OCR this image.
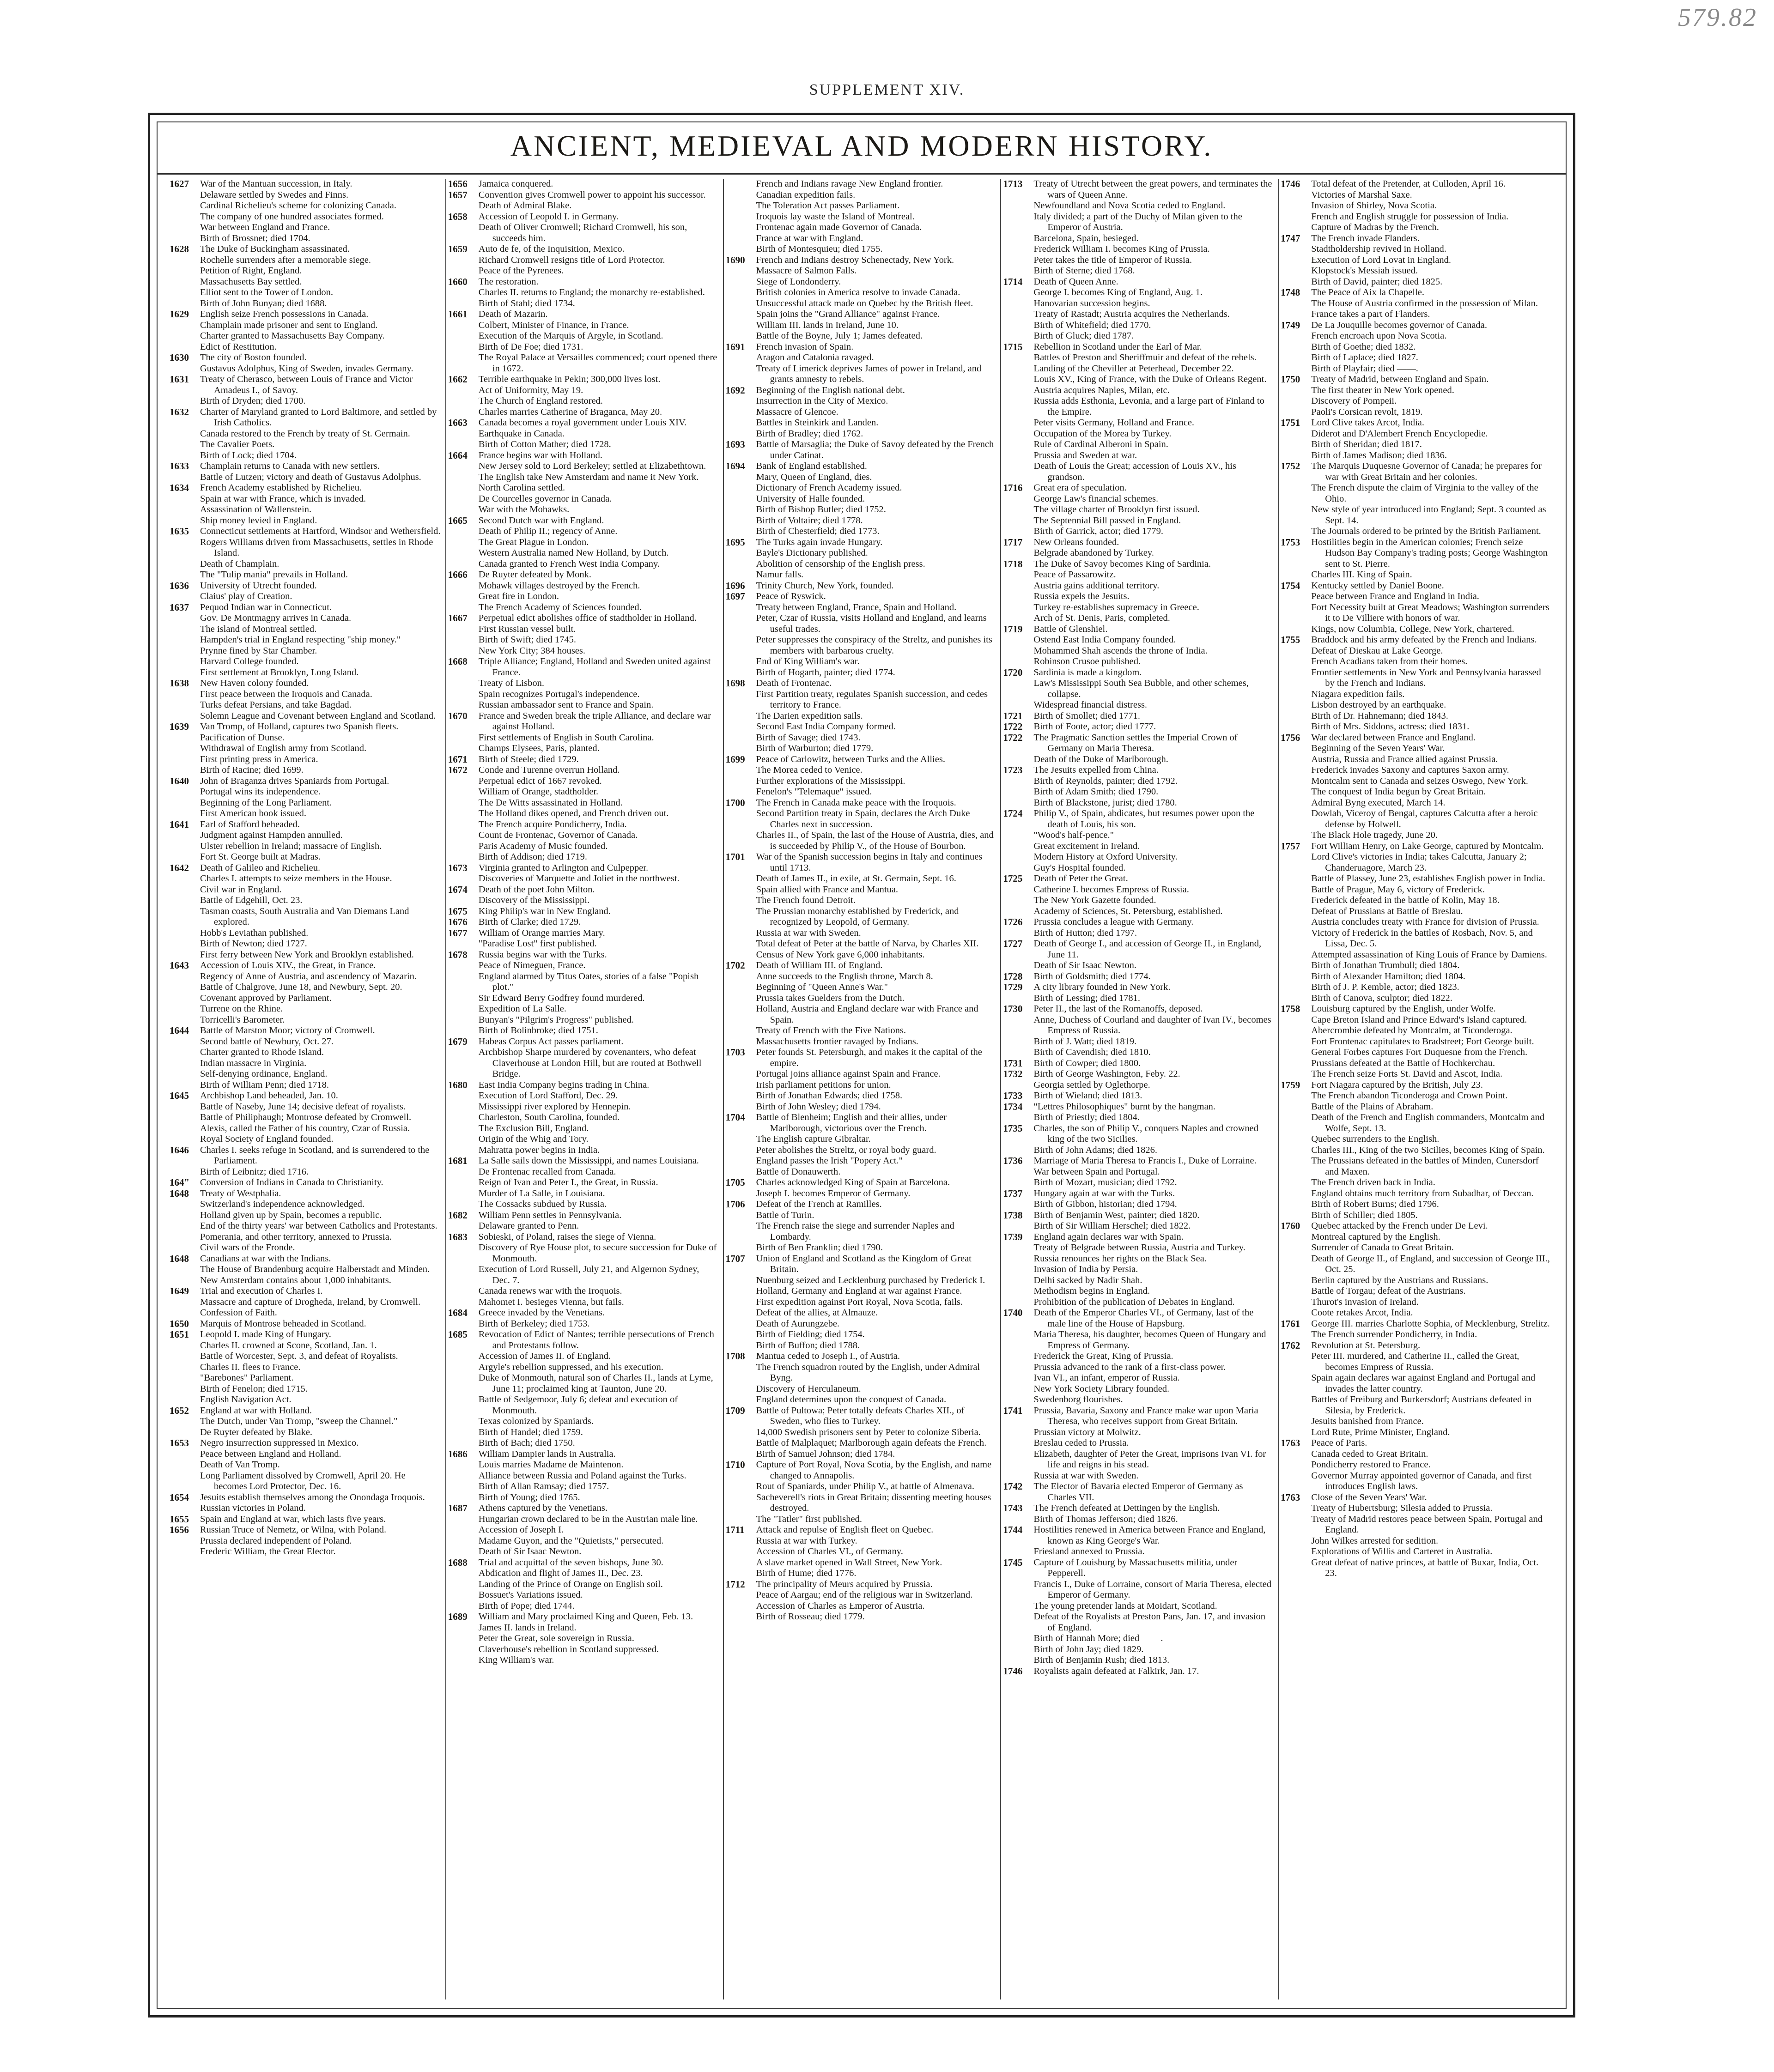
579.82
SUPPLEMENT XIV.
ANCIENT, MEDIEVAL AND MODERN HISTORY.
1627	War of the Mantuan succession, in Italy.

Delaware settled by Swedes and Finns.

Cardinal Richelieu's scheme for colonizing Canada.

The company of one hundred associates formed.

War between England and France.

Birth of Brossnet; died 1704.

1628	The Duke of Buckingham assassinated.

Rochelle surrenders after a memorable siege.

Petition of Right, England.

Massachusetts Bay settled.

Elliot sent to the Tower of London.

Birth of John Bunyan; died 1688.

1629	English seize French possessions in Canada.

Champlain made prisoner and sent to England.

Charter granted to Massachusetts Bay Company.

Edict of Restitution.

1630	The city of Boston founded.

Gustavus Adolphus, King of Sweden, invades Germany.

1631	Treaty of Cherasco, between Louis of France and Victor Amadeus I., of Savoy.

Birth of Dryden; died 1700.

1632	Charter of Maryland granted to Lord Baltimore, and settled by Irish Catholics.

Canada restored to the French by treaty of St. Germain.

The Cavalier Poets.

Birth of Lock; died 1704.

1633	Champlain returns to Canada with new settlers.

Battle of Lutzen; victory and death of Gustavus Adolphus.

1634	French Academy established by Richelieu.

Spain at war with France, which is invaded.

Assassination of Wallenstein.

Ship money levied in England.

1635	Connecticut settlements at Hartford, Windsor and Wethersfield.

Rogers Williams driven from Massachusetts, settles in Rhode Island.

Death of Champlain.

The "Tulip mania" prevails in Holland.

1636	University of Utrecht founded.

Claius' play of Creation.

1637	Pequod Indian war in Connecticut.

Gov. De Montmagny arrives in Canada.

The island of Montreal settled.

Hampden's trial in England respecting "ship money."

Prynne fined by Star Chamber.

Harvard College founded.

First settlement at Brooklyn, Long Island.

1638	New Haven colony founded.

First peace between the Iroquois and Canada.

Turks defeat Persians, and take Bagdad.

Solemn League and Covenant between England and Scotland.

1639	Van Tromp, of Holland, captures two Spanish fleets.

Pacification of Dunse.

Withdrawal of English army from Scotland.

First printing press in America.

Birth of Racine; died 1699.

1640	John of Braganza drives Spaniards from Portugal.

Portugal wins its independence.

Beginning of the Long Parliament.

First American book issued.

1641	Earl of Stafford beheaded.

Judgment against Hampden annulled.

Ulster rebellion in Ireland; massacre of English.

Fort St. George built at Madras.

1642	Death of Galileo and Richelieu.

Charles I. attempts to seize members in the House.

Civil war in England.

Battle of Edgehill, Oct. 23.

Tasman coasts, South Australia and Van Diemans Land explored.

Hobb's Leviathan published.

Birth of Newton; died 1727.

First ferry between New York and Brooklyn established.

1643	Accession of Louis XIV., the Great, in France.

Regency of Anne of Austria, and ascendency of Mazarin.

Battle of Chalgrove, June 18, and Newbury, Sept. 20.

Covenant approved by Parliament.

Turrene on the Rhine.

Torricelli's Barometer.

1644	Battle of Marston Moor; victory of Cromwell.

Second battle of Newbury, Oct. 27.

Charter granted to Rhode Island.

Indian massacre in Virginia.

Self-denying ordinance, England.

Birth of William Penn; died 1718.

1645	Archbishop Land beheaded, Jan. 10.

Battle of Naseby, June 14; decisive defeat of royalists.

Battle of Philiphaugh; Montrose defeated by Cromwell.

Alexis, called the Father of his country, Czar of Russia.

Royal Society of England founded.

1646	Charles I. seeks refuge in Scotland, and is surrendered to the Parliament.

Birth of Leibnitz; died 1716.

164"	Conversion of Indians in Canada to Christianity.

1648	Treaty of Westphalia.

Switzerland's independence acknowledged.

Holland given up by Spain, becomes a republic.

End of the thirty years' war between Catholics and Protestants.

Pomerania, and other territory, annexed to Prussia.

Civil wars of the Fronde.

1648	Canadians at war with the Indians.

The House of Brandenburg acquire Halberstadt and Minden.

New Amsterdam contains about 1,000 inhabitants.

1649	Trial and execution of Charles I.

Massacre and capture of Drogheda, Ireland, by Cromwell.

Confession of Faith.

1650	Marquis of Montrose beheaded in Scotland.

1651	Leopold I. made King of Hungary.

Charles II. crowned at Scone, Scotland, Jan. 1.

Battle of Worcester, Sept. 3, and defeat of Royalists.

Charles II. flees to France.

"Barebones" Parliament.

Birth of Fenelon; died 1715.

English Navigation Act.

1652	England at war with Holland.

The Dutch, under Van Tromp, "sweep the Channel."

De Ruyter defeated by Blake.

1653	Negro insurrection suppressed in Mexico.

Peace between England and Holland.

Death of Van Tromp.

Long Parliament dissolved by Cromwell, April 20. He becomes Lord Protector, Dec. 16.

1654	Jesuits establish themselves among the Onondaga Iroquois.

Russian victories in Poland.

1655	Spain and England at war, which lasts five years.

1656	Russian Truce of Nemetz, or Wilna, with Poland.

Prussia declared independent of Poland.

Frederic William, the Great Elector.

1656	Jamaica conquered.

1657	Convention gives Cromwell power to appoint his successor.

Death of Admiral Blake.

1658	Accession of Leopold I. in Germany.

Death of Oliver Cromwell; Richard Cromwell, his son, succeeds him.

1659	Auto de fe, of the Inquisition, Mexico.

Richard Cromwell resigns title of Lord Protector.

Peace of the Pyrenees.

1660	The restoration.

Charles II. returns to England; the monarchy re-established.

Birth of Stahl; died 1734.

1661	Death of Mazarin.

Colbert, Minister of Finance, in France.

Execution of the Marquis of Argyle, in Scotland.

Birth of De Foe; died 1731.

The Royal Palace at Versailles commenced; court opened there in 1672.

1662	Terrible earthquake in Pekin; 300,000 lives lost.

Act of Uniformity, May 19.

The Church of England restored.

Charles marries Catherine of Braganca, May 20.

1663	Canada becomes a royal government under Louis XIV.

Earthquake in Canada.

Birth of Cotton Mather; died 1728.

1664	France begins war with Holland.

New Jersey sold to Lord Berkeley; settled at Elizabethtown.

The English take New Amsterdam and name it New York.

North Carolina settled.

De Courcelles governor in Canada.

War with the Mohawks.

1665	Second Dutch war with England.

Death of Philip II.; regency of Anne.

The Great Plague in London.

Western Australia named New Holland, by Dutch.

Canada granted to French West India Company.

1666	De Ruyter defeated by Monk.

Mohawk villages destroyed by the French.

Great fire in London.

The French Academy of Sciences founded.

1667	Perpetual edict abolishes office of stadtholder in Holland.

First Russian vessel built.

Birth of Swift; died 1745.

New York City; 384 houses.

1668	Triple Alliance; England, Holland and Sweden united against France.

Treaty of Lisbon.

Spain recognizes Portugal's independence.

Russian ambassador sent to France and Spain.

1670	France and Sweden break the triple Alliance, and declare war against Holland.

First settlements of English in South Carolina.

Champs Elysees, Paris, planted.

1671	Birth of Steele; died 1729.

1672	Conde and Turenne overrun Holland.

Perpetual edict of 1667 revoked.

William of Orange, stadtholder.

The De Witts assassinated in Holland.

The Holland dikes opened, and French driven out.

The French acquire Pondicherry, India.

Count de Frontenac, Governor of Canada.

Paris Academy of Music founded.

Birth of Addison; died 1719.

1673	Virginia granted to Arlington and Culpepper.

Discoveries of Marquette and Joliet in the northwest.

1674	Death of the poet John Milton.

Discovery of the Mississippi.

1675	King Philip's war in New England.

1676	Birth of Clarke; died 1729.

1677	William of Orange marries Mary.

"Paradise Lost" first published.

1678	Russia begins war with the Turks.

Peace of Nimeguen, France.

England alarmed by Titus Oates, stories of a false "Popish plot."

Sir Edward Berry Godfrey found murdered.

Expedition of La Salle.

Bunyan's "Pilgrim's Progress" published.

Birth of Bolinbroke; died 1751.

1679	Habeas Corpus Act passes parliament.

Archbishop Sharpe murdered by covenanters, who defeat Claverhouse at London Hill, but are routed at Bothwell Bridge.

1680	East India Company begins trading in China.

Execution of Lord Stafford, Dec. 29.

Mississippi river explored by Hennepin.

Charleston, South Carolina, founded.

The Exclusion Bill, England.

Origin of the Whig and Tory.

Mahratta power begins in India.

1681	La Salle sails down the Mississippi, and names Louisiana.

De Frontenac recalled from Canada.

Reign of Ivan and Peter I., the Great, in Russia.

Murder of La Salle, in Louisiana.

The Cossacks subdued by Russia.

1682	William Penn settles in Pennsylvania.

Delaware granted to Penn.

1683	Sobieski, of Poland, raises the siege of Vienna.

Discovery of Rye House plot, to secure succession for Duke of Monmouth.

Execution of Lord Russell, July 21, and Algernon Sydney, Dec. 7.

Canada renews war with the Iroquois.

Mahomet I. besieges Vienna, but fails.

1684	Greece invaded by the Venetians.

Birth of Berkeley; died 1753.

1685	Revocation of Edict of Nantes; terrible persecutions of French and Protestants follow.

Accession of James II. of England.

Argyle's rebellion suppressed, and his execution.

Duke of Monmouth, natural son of Charles II., lands at Lyme, June 11; proclaimed king at Taunton, June 20.

Battle of Sedgemoor, July 6; defeat and execution of Monmouth.

Texas colonized by Spaniards.

Birth of Handel; died 1759.

Birth of Bach; died 1750.

1686	William Dampier lands in Australia.

Louis marries Madame de Maintenon.

Alliance between Russia and Poland against the Turks.

Birth of Allan Ramsay; died 1757.

Birth of Young; died 1765.

1687	Athens captured by the Venetians.

Hungarian crown declared to be in the Austrian male line.

Accession of Joseph I.

Madame Guyon, and the "Quietists," persecuted.

Death of Sir Isaac Newton.

1688	Trial and acquittal of the seven bishops, June 30.

Abdication and flight of James II., Dec. 23.

Landing of the Prince of Orange on English soil.

Bossuet's Variations issued.

Birth of Pope; died 1744.

1689	William and Mary proclaimed King and Queen, Feb. 13.

James II. lands in Ireland.

Peter the Great, sole sovereign in Russia.

Claverhouse's rebellion in Scotland suppressed.

King William's war.

French and Indians ravage New England frontier.

Canadian expedition fails.

The Toleration Act passes Parliament.

Iroquois lay waste the Island of Montreal.

Frontenac again made Governor of Canada.

France at war with England.

Birth of Montesquieu; died 1755.

1690	French and Indians destroy Schenectady, New York.

Massacre of Salmon Falls.

Siege of Londonderry.

British colonies in America resolve to invade Canada.

Unsuccessful attack made on Quebec by the British fleet.

Spain joins the "Grand Alliance" against France.

William III. lands in Ireland, June 10.

Battle of the Boyne, July 1; James defeated.

1691	French invasion of Spain.

Aragon and Catalonia ravaged.

Treaty of Limerick deprives James of power in Ireland, and grants amnesty to rebels.

1692	Beginning of the English national debt.

Insurrection in the City of Mexico.

Massacre of Glencoe.

Battles in Steinkirk and Landen.

Birth of Bradley; died 1762.

1693	Battle of Marsaglia; the Duke of Savoy defeated by the French under Catinat.

1694	Bank of England established.

Mary, Queen of England, dies.

Dictionary of French Academy issued.

University of Halle founded.

Birth of Bishop Butler; died 1752.

Birth of Voltaire; died 1778.

Birth of Chesterfield; died 1773.

1695	The Turks again invade Hungary.

Bayle's Dictionary published.

Abolition of censorship of the English press.

Namur falls.

1696	Trinity Church, New York, founded.

1697	Peace of Ryswick.

Treaty between England, France, Spain and Holland.

Peter, Czar of Russia, visits Holland and England, and learns useful trades.

Peter suppresses the conspiracy of the Streltz, and punishes its members with barbarous cruelty.

End of King William's war.

Birth of Hogarth, painter; died 1774.

1698	Death of Frontenac.

First Partition treaty, regulates Spanish succession, and cedes territory to France.

The Darien expedition sails.

Second East India Company formed.

Birth of Savage; died 1743.

Birth of Warburton; died 1779.

1699	Peace of Carlowitz, between Turks and the Allies.

The Morea ceded to Venice.

Further explorations of the Mississippi.

Fenelon's "Telemaque" issued.

1700	The French in Canada make peace with the Iroquois.

Second Partition treaty in Spain, declares the Arch Duke Charles next in succession.

Charles II., of Spain, the last of the House of Austria, dies, and is succeeded by Philip V., of the House of Bourbon.

1701	War of the Spanish succession begins in Italy and continues until 1713.

Death of James II., in exile, at St. Germain, Sept. 16.

Spain allied with France and Mantua.

The French found Detroit.

The Prussian monarchy established by Frederick, and recognized by Leopold, of Germany.

Russia at war with Sweden.

Total defeat of Peter at the battle of Narva, by Charles XII.

Census of New York gave 6,000 inhabitants.

1702	Death of William III. of England.

Anne succeeds to the English throne, March 8.

Beginning of "Queen Anne's War."

Prussia takes Guelders from the Dutch.

Holland, Austria and England declare war with France and Spain.

Treaty of French with the Five Nations.

Massachusetts frontier ravaged by Indians.

1703	Peter founds St. Petersburgh, and makes it the capital of the empire.

Portugal joins alliance against Spain and France.

Irish parliament petitions for union.

Birth of Jonathan Edwards; died 1758.

Birth of John Wesley; died 1794.

1704	Battle of Blenheim; English and their allies, under Marlborough, victorious over the French.

The English capture Gibraltar.

Peter abolishes the Streltz, or royal body guard.

England passes the Irish "Popery Act."

Battle of Donauwerth.

1705	Charles acknowledged King of Spain at Barcelona.

Joseph I. becomes Emperor of Germany.

1706	Defeat of the French at Ramilles.

Battle of Turin.

The French raise the siege and surrender Naples and Lombardy.

Birth of Ben Franklin; died 1790.

1707	Union of England and Scotland as the Kingdom of Great Britain.

Nuenburg seized and Lecklenburg purchased by Frederick I.

Holland, Germany and England at war against France.

First expedition against Port Royal, Nova Scotia, fails.

Defeat of the allies, at Almauze.

Death of Aurungzebe.

Birth of Fielding; died 1754.

Birth of Buffon; died 1788.

1708	Mantua ceded to Joseph I., of Austria.

The French squadron routed by the English, under Admiral Byng.

Discovery of Herculaneum.

England determines upon the conquest of Canada.

1709	Battle of Pultowa; Peter totally defeats Charles XII., of Sweden, who flies to Turkey.

14,000 Swedish prisoners sent by Peter to colonize Siberia.

Battle of Malplaquet; Marlborough again defeats the French.

Birth of Samuel Johnson; died 1784.

1710	Capture of Port Royal, Nova Scotia, by the English, and name changed to Annapolis.

Rout of Spaniards, under Philip V., at battle of Almenava.

Sacheverell's riots in Great Britain; dissenting meeting houses destroyed.

The "Tatler" first published.

1711	Attack and repulse of English fleet on Quebec.

Russia at war with Turkey.

Accession of Charles VI., of Germany.

A slave market opened in Wall Street, New York.

Birth of Hume; died 1776.

1712	The principality of Meurs acquired by Prussia.

Peace of Aargau; end of the religious war in Switzerland.

Accession of Charles as Emperor of Austria.

Birth of Rosseau; died 1779.

1713	Treaty of Utrecht between the great powers, and terminates the wars of Queen Anne.

Newfoundland and Nova Scotia ceded to England.

Italy divided; a part of the Duchy of Milan given to the Emperor of Austria.

Barcelona, Spain, besieged.

Frederick William I. becomes King of Prussia.

Peter takes the title of Emperor of Russia.

Birth of Sterne; died 1768.

1714	Death of Queen Anne.

George I. becomes King of England, Aug. 1.

Hanovarian succession begins.

Treaty of Rastadt; Austria acquires the Netherlands.

Birth of Whitefield; died 1770.

Birth of Gluck; died 1787.

1715	Rebellion in Scotland under the Earl of Mar.

Battles of Preston and Sheriffmuir and defeat of the rebels.

Landing of the Cheviller at Peterhead, December 22.

Louis XV., King of France, with the Duke of Orleans Regent.

Austria acquires Naples, Milan, etc.

Russia adds Esthonia, Levonia, and a large part of Finland to the Empire.

Peter visits Germany, Holland and France.

Occupation of the Morea by Turkey.

Rule of Cardinal Alberoni in Spain.

Prussia and Sweden at war.

Death of Louis the Great; accession of Louis XV., his grandson.

1716	Great era of speculation.

George Law's financial schemes.

The village charter of Brooklyn first issued.

The Septennial Bill passed in England.

Birth of Garrick, actor; died 1779.

1717	New Orleans founded.

Belgrade abandoned by Turkey.

1718	The Duke of Savoy becomes King of Sardinia.

Peace of Passarowitz.

Austria gains additional territory.

Russia expels the Jesuits.

Turkey re-establishes supremacy in Greece.

Arch of St. Denis, Paris, completed.

1719	Battle of Glenshiel.

Ostend East India Company founded.

Mohammed Shah ascends the throne of India.

Robinson Crusoe published.

1720	Sardinia is made a kingdom.

Law's Mississippi South Sea Bubble, and other schemes, collapse.

Widespread financial distress.

1721	Birth of Smollet; died 1771.

1722	Birth of Foote, actor; died 1777.

1722	The Pragmatic Sanction settles the Imperial Crown of Germany on Maria Theresa.

Death of the Duke of Marlborough.

1723	The Jesuits expelled from China.

Birth of Reynolds, painter; died 1792.

Birth of Adam Smith; died 1790.

Birth of Blackstone, jurist; died 1780.

1724	Philip V., of Spain, abdicates, but resumes power upon the death of Louis, his son.

"Wood's half-pence."

Great excitement in Ireland.

Modern History at Oxford University.

Guy's Hospital founded.

1725	Death of Peter the Great.

Catherine I. becomes Empress of Russia.

The New York Gazette founded.

Academy of Sciences, St. Petersburg, established.

1726	Prussia concludes a league with Germany.

Birth of Hutton; died 1797.

1727	Death of George I., and accession of George II., in England, June 11.

Death of Sir Isaac Newton.

1728	Birth of Goldsmith; died 1774.

1729	A city library founded in New York.

Birth of Lessing; died 1781.

1730	Peter II., the last of the Romanoffs, deposed.

Anne, Duchess of Courland and daughter of Ivan IV., becomes Empress of Russia.

Birth of J. Watt; died 1819.

Birth of Cavendish; died 1810.

1731	Birth of Cowper; died 1800.

1732	Birth of George Washington, Feby. 22.

Georgia settled by Oglethorpe.

1733	Birth of Wieland; died 1813.

1734	"Lettres Philosophiques" burnt by the hangman.

Birth of Priestly; died 1804.

1735	Charles, the son of Philip V., conquers Naples and crowned king of the two Sicilies.

Birth of John Adams; died 1826.

1736	Marriage of Maria Theresa to Francis I., Duke of Lorraine.

War between Spain and Portugal.

Birth of Mozart, musician; died 1792.

1737	Hungary again at war with the Turks.

Birth of Gibbon, historian; died 1794.

1738	Birth of Benjamin West, painter; died 1820.

Birth of Sir William Herschel; died 1822.

1739	England again declares war with Spain.

Treaty of Belgrade between Russia, Austria and Turkey.

Russia renounces her rights on the Black Sea.

Invasion of India by Persia.

Delhi sacked by Nadir Shah.

Methodism begins in England.

Prohibition of the publication of Debates in England.

1740	Death of the Emperor Charles VI., of Germany, last of the male line of the House of Hapsburg.

Maria Theresa, his daughter, becomes Queen of Hungary and Empress of Germany.

Frederick the Great, King of Prussia.

Prussia advanced to the rank of a first-class power.

Ivan VI., an infant, emperor of Russia.

New York Society Library founded.

Swedenborg flourishes.

1741	Prussia, Bavaria, Saxony and France make war upon Maria Theresa, who receives support from Great Britain.

Prussian victory at Molwitz.

Breslau ceded to Prussia.

Elizabeth, daughter of Peter the Great, imprisons Ivan VI. for life and reigns in his stead.

Russia at war with Sweden.

1742	The Elector of Bavaria elected Emperor of Germany as Charles VII.

1743	The French defeated at Dettingen by the English.

Birth of Thomas Jefferson; died 1826.

1744	Hostilities renewed in America between France and England, known as King George's War.

Friesland annexed to Prussia.

1745	Capture of Louisburg by Massachusetts militia, under Pepperell.

Francis I., Duke of Lorraine, consort of Maria Theresa, elected Emperor of Germany.

The young pretender lands at Moidart, Scotland.

Defeat of the Royalists at Preston Pans, Jan. 17, and invasion of England.

Birth of Hannah More; died ——.

Birth of John Jay; died 1829.

Birth of Benjamin Rush; died 1813.

1746	Royalists again defeated at Falkirk, Jan. 17.

1746	Total defeat of the Pretender, at Culloden, April 16.

Victories of Marshal Saxe.

Invasion of Shirley, Nova Scotia.

French and English struggle for possession of India.

Capture of Madras by the French.

1747	The French invade Flanders.

Stadtholdership revived in Holland.

Execution of Lord Lovat in England.

Klopstock's Messiah issued.

Birth of David, painter; died 1825.

1748	The Peace of Aix la Chapelle.

The House of Austria confirmed in the possession of Milan.

France takes a part of Flanders.

1749	De La Jouquille becomes governor of Canada.

French encroach upon Nova Scotia.

Birth of Goethe; died 1832.

Birth of Laplace; died 1827.

Birth of Playfair; died ——.

1750	Treaty of Madrid, between England and Spain.

The first theater in New York opened.

Discovery of Pompeii.

Paoli's Corsican revolt, 1819.

1751	Lord Clive takes Arcot, India.

Diderot and D'Alembert French Encyclopedie.

Birth of Sheridan; died 1817.

Birth of James Madison; died 1836.

1752	The Marquis Duquesne Governor of Canada; he prepares for war with Great Britain and her colonies.

The French dispute the claim of Virginia to the valley of the Ohio.

New style of year introduced into England; Sept. 3 counted as Sept. 14.

The Journals ordered to be printed by the British Parliament.

1753	Hostilities begin in the American colonies; French seize Hudson Bay Company's trading posts; George Washington sent to St. Pierre.

Charles III. King of Spain.

1754	Kentucky settled by Daniel Boone.

Peace between France and England in India.

Fort Necessity built at Great Meadows; Washington surrenders it to De Villiere with honors of war.

Kings, now Columbia, College, New York, chartered.

1755	Braddock and his army defeated by the French and Indians.

Defeat of Dieskau at Lake George.

French Acadians taken from their homes.

Frontier settlements in New York and Pennsylvania harassed by the French and Indians.

Niagara expedition fails.

Lisbon destroyed by an earthquake.

Birth of Dr. Hahnemann; died 1843.

Birth of Mrs. Siddons, actress; died 1831.

1756	War declared between France and England.

Beginning of the Seven Years' War.

Austria, Russia and France allied against Prussia.

Frederick invades Saxony and captures Saxon army.

Montcalm sent to Canada and seizes Oswego, New York.

The conquest of India begun by Great Britain.

Admiral Byng executed, March 14.

Dowlah, Viceroy of Bengal, captures Calcutta after a heroic defense by Holwell.

The Black Hole tragedy, June 20.

1757	Fort William Henry, on Lake George, captured by Montcalm.

Lord Clive's victories in India; takes Calcutta, January 2; Chanderuagore, March 23.

Battle of Plassey, June 23, establishes English power in India.

Battle of Prague, May 6, victory of Frederick.

Frederick defeated in the battle of Kolin, May 18.

Defeat of Prussians at Battle of Breslau.

Austria concludes treaty with France for division of Prussia.

Victory of Frederick in the battles of Rosbach, Nov. 5, and Lissa, Dec. 5.

Attempted assassination of King Louis of France by Damiens.

Birth of Jonathan Trumbull; died 1804.

Birth of Alexander Hamilton; died 1804.

Birth of J. P. Kemble, actor; died 1823.

Birth of Canova, sculptor; died 1822.

1758	Louisburg captured by the English, under Wolfe.

Cape Breton Island and Prince Edward's Island captured.

Abercrombie defeated by Montcalm, at Ticonderoga.

Fort Frontenac capitulates to Bradstreet; Fort George built.

General Forbes captures Fort Duquesne from the French.

Prussians defeated at the Battle of Hochkerchau.

The French seize Forts St. David and Ascot, India.

1759	Fort Niagara captured by the British, July 23.

The French abandon Ticonderoga and Crown Point.

Battle of the Plains of Abraham.

Death of the French and English commanders, Montcalm and Wolfe, Sept. 13.

Quebec surrenders to the English.

Charles III., King of the two Sicilies, becomes King of Spain.

The Prussians defeated in the battles of Minden, Cunersdorf and Maxen.

The French driven back in India.

England obtains much territory from Subadhar, of Deccan.

Birth of Robert Burns; died 1796.

Birth of Schiller; died 1805.

1760	Quebec attacked by the French under De Levi.

Montreal captured by the English.

Surrender of Canada to Great Britain.

Death of George II., of England, and succession of George III., Oct. 25.

Berlin captured by the Austrians and Russians.

Battle of Torgau; defeat of the Austrians.

Thurot's invasion of Ireland.

Coote retakes Arcot, India.

1761	George III. marries Charlotte Sophia, of Mecklenburg, Strelitz.

The French surrender Pondicherry, in India.

1762	Revolution at St. Petersburg.

Peter III. murdered, and Catherine II., called the Great, becomes Empress of Russia.

Spain again declares war against England and Portugal and invades the latter country.

Battles of Freiburg and Burkersdorf; Austrians defeated in Silesia, by Frederick.

Jesuits banished from France.

Lord Rute, Prime Minister, England.

1763	Peace of Paris.

Canada ceded to Great Britain.

Pondicherry restored to France.

Governor Murray appointed governor of Canada, and first introduces English laws.

1763	Close of the Seven Years' War.

Treaty of Hubertsburg; Silesia added to Prussia.

Treaty of Madrid restores peace between Spain, Portugal and England.

John Wilkes arrested for sedition.

Explorations of Willis and Carteret in Australia.

Great defeat of native princes, at battle of Buxar, India, Oct. 23.
